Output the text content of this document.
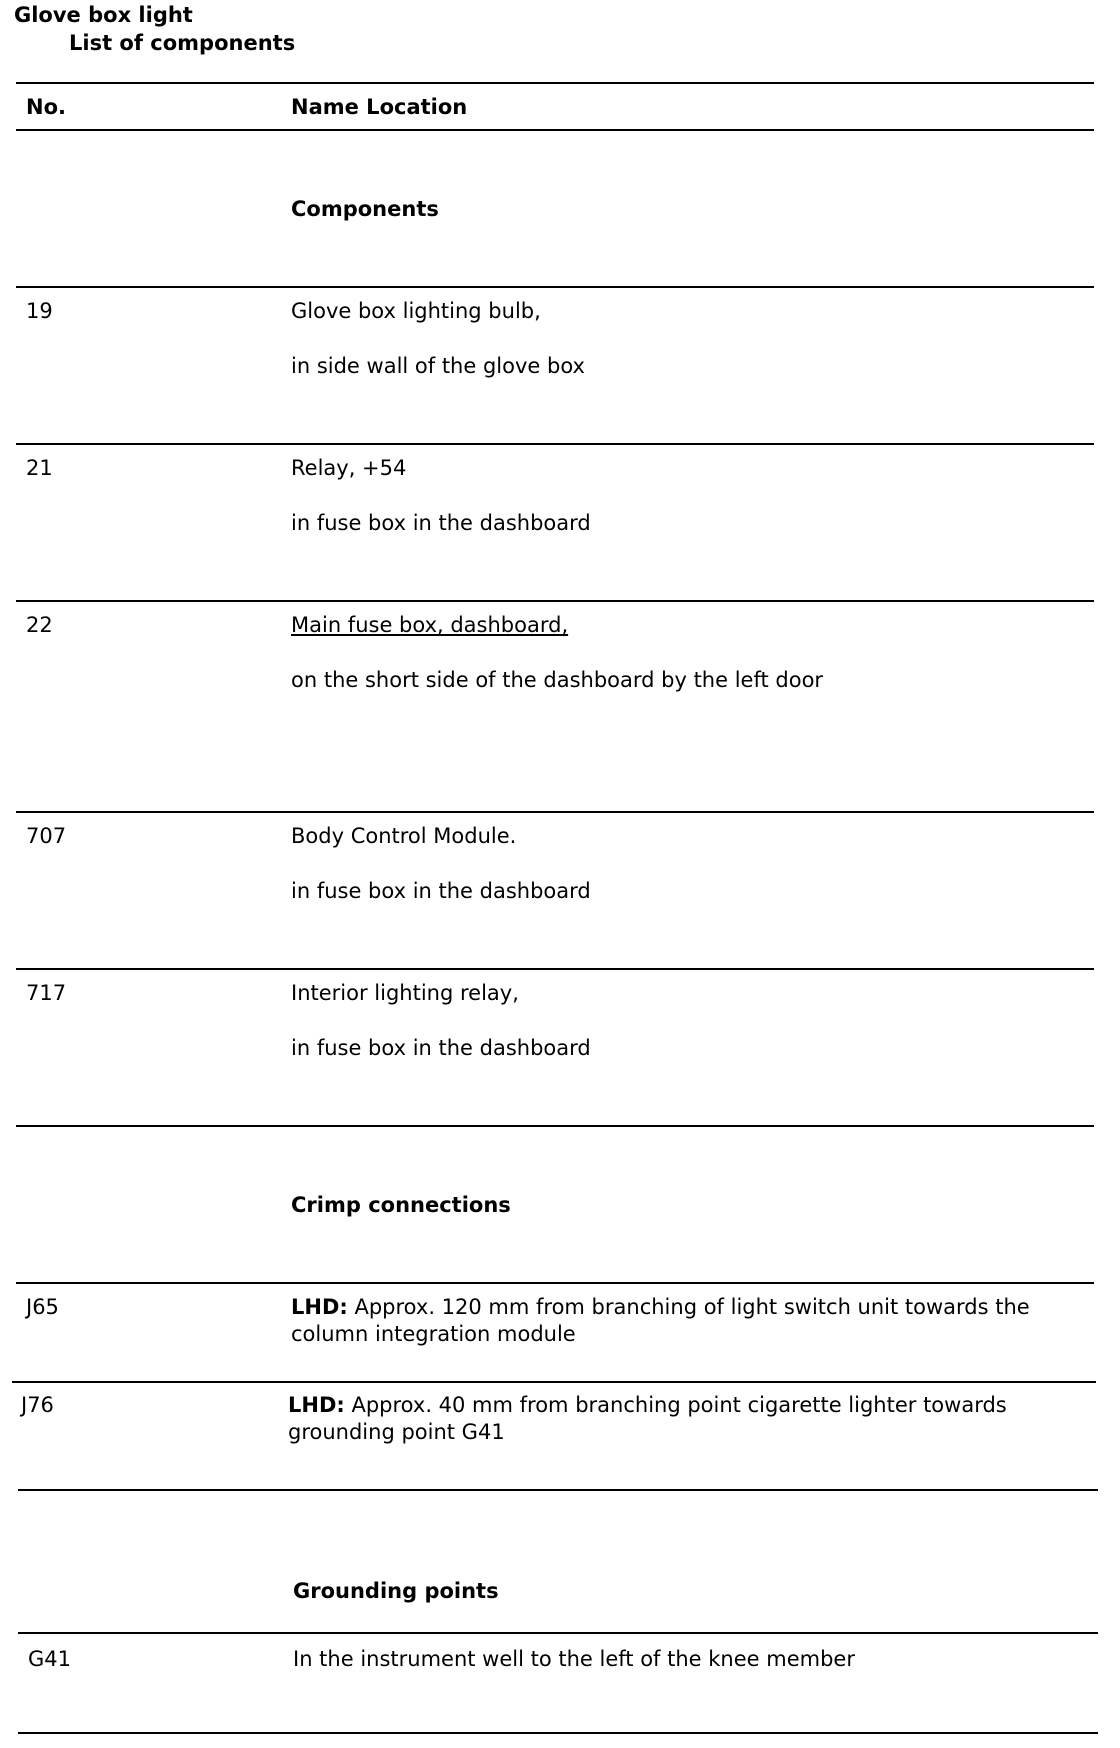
Glove box light
List of components
No.	Name Location
Components
19	Glove box lighting bulb,
in side wall of the glove box
21	Relay, +54
in fuse box in the dashboard
22	Main fuse box, dashboard,
on the short side of the dashboard by the left door
707	Body Control Module.
in fuse box in the dashboard
717	Interior lighting relay,
in fuse box in the dashboard
Crimp connections
J65	LHD: Approx. 120 mm from branching of light switch unit towards the column integration module
J76	LHD: Approx. 40 mm from branching point cigarette lighter towards grounding point G41
Grounding points
G41	In the instrument well to the left of the knee member
